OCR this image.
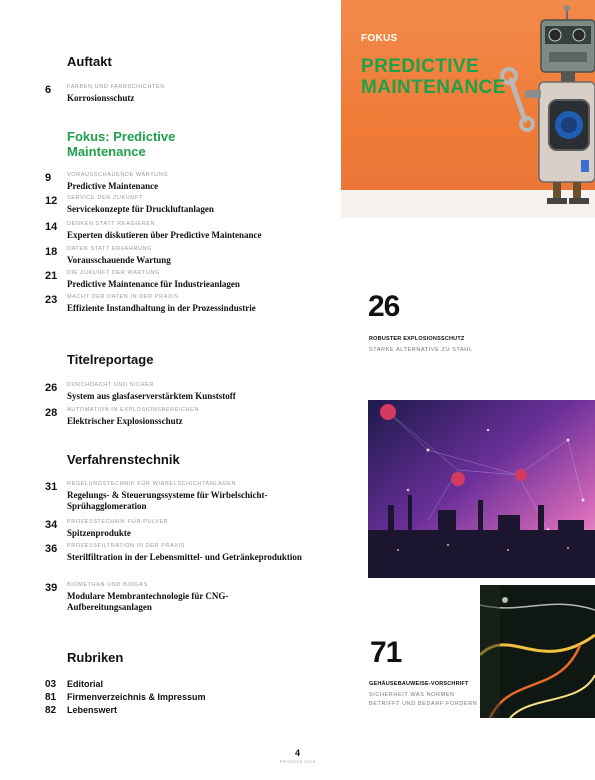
Auftakt
6	FARBEN UND FARBSCHICHTEN
Korrosionsschutz
Fokus: Predictive Maintenance
9	VORAUSSCHAUENDE WARTUNG
Predictive Maintenance
12 SERVICE DER ZUKUNFT
Servicekonzepte für Druckluftanlagen
14 DENKEN STATT REAGIEREN
Experten diskutieren über Predictive Maintenance
18 DATEN STATT ERFAHRUNG
Vorausschauende Wartung
21 DIE ZUKUNFT DER WARTUNG
Predictive Maintenance für Industrieanlagen
23 MACHT DER DATEN IN DER PRAXIS
Effiziente Instandhaltung in der Prozessindustrie
Titelreportage
26 DURCHDACHT UND SICHER
System aus glasfaserverstärktem Kunststoff
28 AUTOMATION IN EXPLOSIONSBEREICHEN
Elektrischer Explosionsschutz
Verfahrenstechnik
31 REGELUNGSTECHNIK FÜR WIRBELSCHICHTANLAGEN
Regelungs- & Steuerungssysteme für Wirbelschicht-Sprühagglomeration
34 PROZESSTECHNIK FÜR PULVER
Spitzenprodukte
36 PROZESSFILTRATION IN DER PRAXIS
Sterilfiltration in der Lebensmittel- und Getränkeproduktion
39 BIOMETHAN UND BIOGAS
Modulare Membrantechnologie für CNG-Aufbereitungsanlagen
Rubriken
03 Editorial
81 Firmenverzeichnis & Impressum
82 Lebenswert
FOKUS
PREDICTIVE MAINTENANCE
26
ROBUSTER EXPLOSIONSSCHUTZ
STARKE ALTERNATIVE ZU STAHL
71
GEHÄUSEBAUWEISE-VORSCHRIFT
SICHERHEIT WAS NORMEN BETRIFFT UND BEDARF FORDERN
4
PROCESS 2019
